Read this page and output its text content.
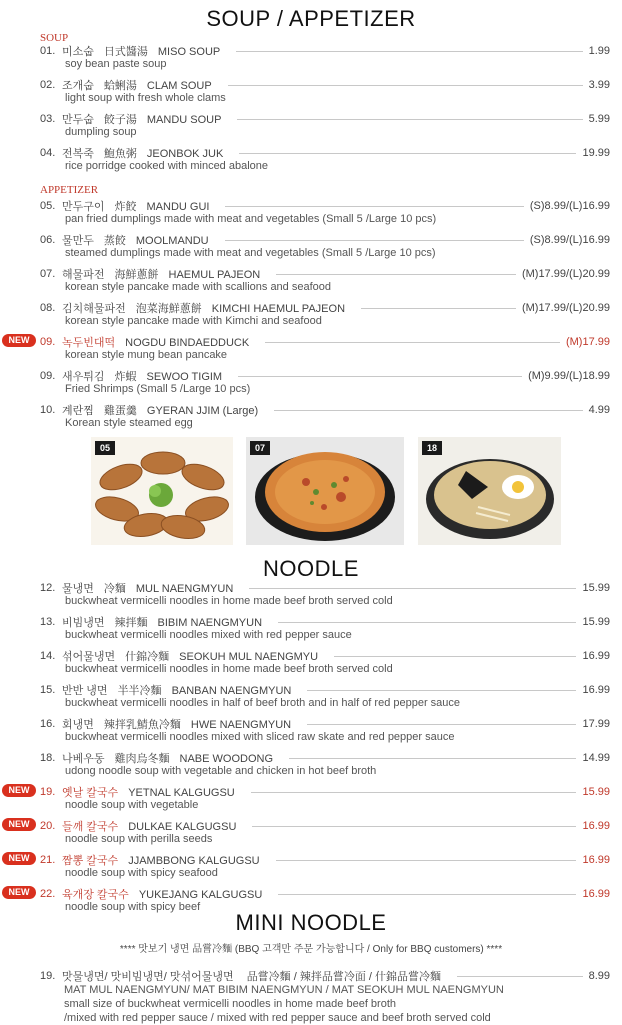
SOUP / APPETIZER
SOUP
01. 미소숩 日式醬湯 MISO SOUP	1.99
soy bean paste soup
02. 조개숩 蛤蜊湯 CLAM SOUP	3.99
light soup with fresh whole clams
03. 만두숩 餃子湯 MANDU SOUP	5.99
dumpling soup
04. 전복죽 鮑魚粥 JEONBOK JUK	19.99
rice porridge cooked with minced abalone
APPETIZER
05. 만두구이 炸餃 MANDU GUI	(S)8.99/(L)16.99
pan fried dumplings made with meat and vegetables (Small 5 /Large 10 pcs)
06. 물만두 蒸餃 MOOLMANDU	(S)8.99/(L)16.99
steamed dumplings made with meat and vegetables (Small 5 /Large 10 pcs)
07. 해물파전 海鮮蔥餅 HAEMUL PAJEON	(M)17.99/(L)20.99
korean style pancake made with scallions and seafood
08. 김치해물파전 泡菜海鮮蔥餅 KIMCHI HAEMUL PAJEON	(M)17.99/(L)20.99
korean style pancake made with Kimchi and seafood
NEW 09. 녹두빈대떡 NOGDU BINDAEDDUCK	(M)17.99
korean style mung bean pancake
09. 새우튀김 炸蝦 SEWOO TIGIM	(M)9.99/(L)18.99
Fried Shrimps (Small 5 /Large 10 pcs)
10. 계란찜 雞蛋羹 GYERAN JJIM (Large)	4.99
Korean style steamed egg
05	07	18
NOODLE
12. 물냉면 冷麵 MUL NAENGMYUN	15.99
buckwheat vermicelli noodles in home made beef broth served cold
13. 비빔냉면 辣拌麵 BIBIM NAENGMYUN	15.99
buckwheat vermicelli noodles mixed with red pepper sauce
14. 섞어물냉면 什錦冷麵 SEOKUH MUL NAENGMYU	16.99
buckwheat vermicelli noodles in home made beef broth served cold
15. 반반 냉면 半半冷麵 BANBAN NAENGMYUN	16.99
buckwheat vermicelli noodles in half of beef broth and in half of red pepper sauce
16. 회냉면 辣拌乳鯖魚冷麵 HWE NAENGMYUN	17.99
buckwheat vermicelli noodles mixed with sliced raw skate and red pepper sauce
18. 나베우동 雞肉烏冬麵 NABE WOODONG	14.99
udong noodle soup with vegetable and chicken in hot beef broth
NEW 19. 옛날 칼국수 YETNAL KALGUGSU	15.99
noodle soup with vegetable
NEW 20. 들깨 칼국수 DULKAE KALGUGSU	16.99
noodle soup with perilla seeds
NEW 21. 짬뽕 칼국수 JJAMBBONG KALGUGSU	16.99
noodle soup with spicy seafood
NEW 22. 육개장 칼국수 YUKEJANG KALGUGSU	16.99
noodle soup with spicy beef
MINI NOODLE
**** 맛보기 냉면 品嘗冷麵 (BBQ 고객만 주문 가능합니다 / Only for BBQ customers) ****
19. 맛물냉면/ 맛비빔냉면/ 맛섞어물냉면 品嘗冷麵 / 辣拌品嘗冷面 / 什錦品嘗冷麵	8.99
MAT MUL NAENGMYUN/ MAT BIBIM NAENGMYUN / MAT SEOKUH MUL NAENGMYUN
small size of buckwheat vermicelli noodles in home made beef broth
/mixed with red pepper sauce / mixed with red pepper sauce and beef broth served cold
